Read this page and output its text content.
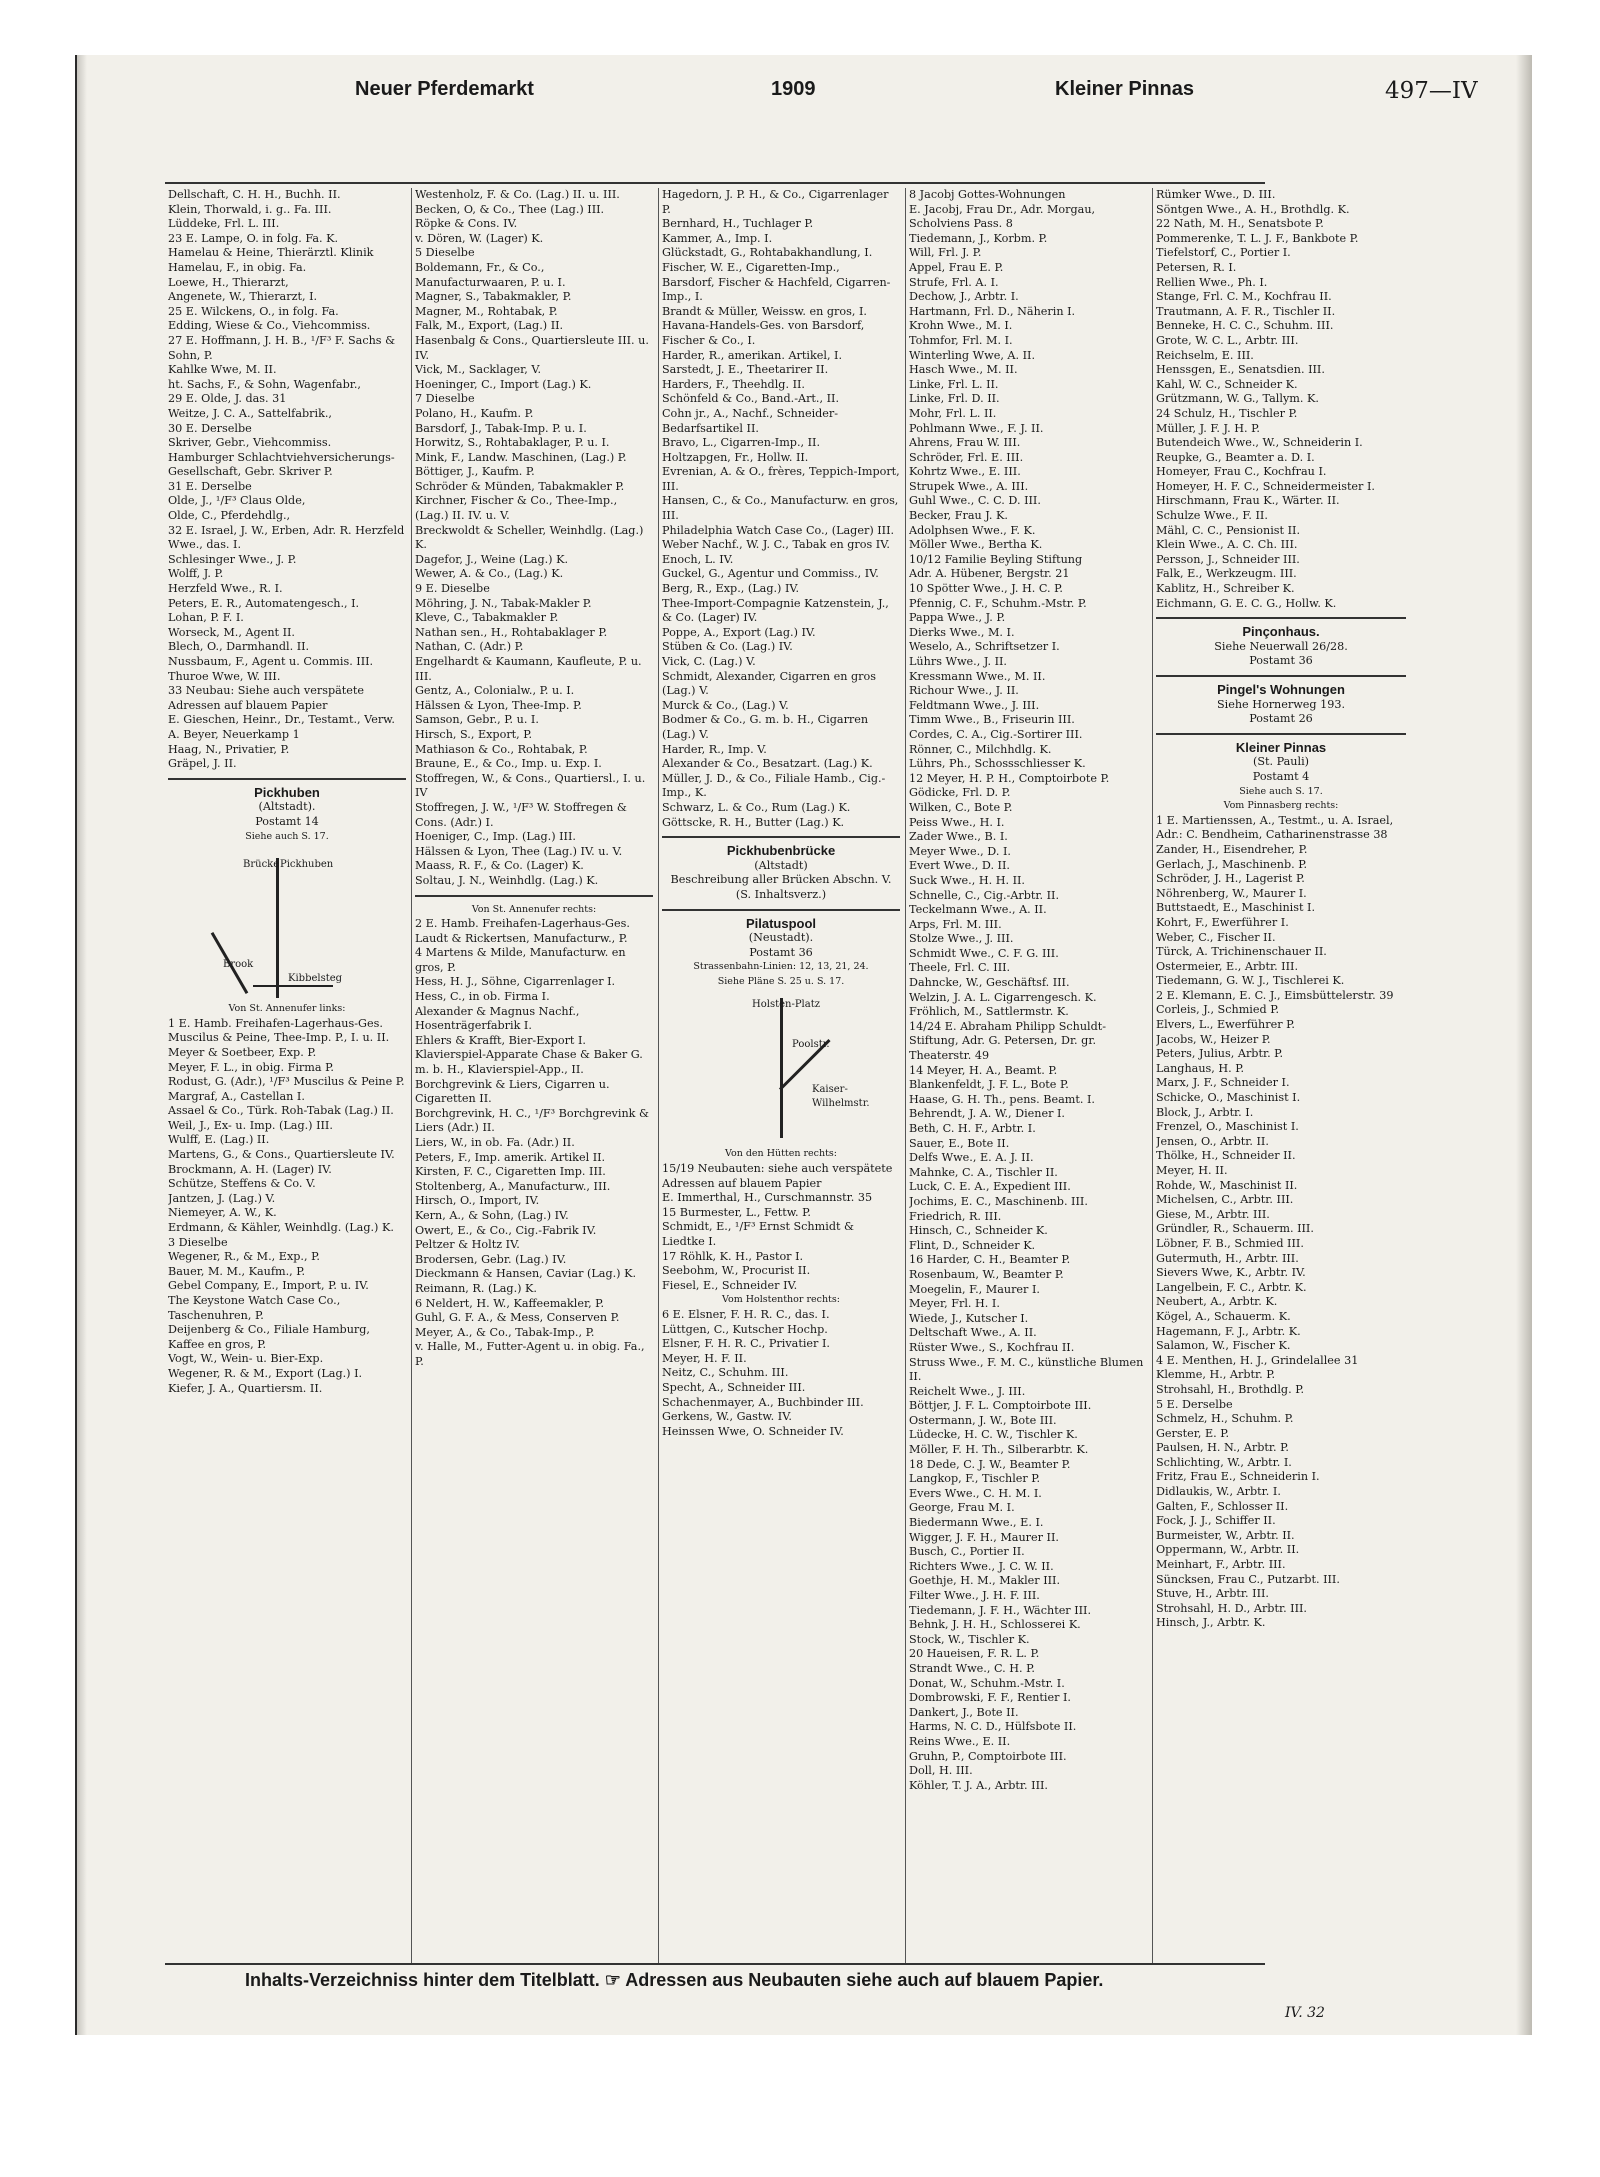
Neuer Pferdemarkt	1909	Kleiner Pinnas	497—IV

Dellschaft, C. H. H., Buchh. II.

Klein, Thorwald, i. g.. Fa. III.

Lüddeke, Frl. L. III.

23 E. Lampe, O. in folg. Fa. K.

Hamelau & Heine, Thierärztl. Klinik

Hamelau, F., in obig. Fa.

Loewe, H., Thierarzt,

Angenete, W., Thierarzt, I.

25 E. Wilckens, O., in folg. Fa.

Edding, Wiese & Co., Viehcommiss.

27 E. Hoffmann, J. H. B., ¹/F³ F. Sachs & Sohn, P.

Kahlke Wwe, M. II.

ht. Sachs, F., & Sohn, Wagenfabr.,

29 E. Olde, J. das. 31

Weitze, J. C. A., Sattelfabrik.,

30 E. Derselbe

Skriver, Gebr., Viehcommiss.

Hamburger Schlachtviehversicherungs-Gesellschaft, Gebr. Skriver P.

31 E. Derselbe

Olde, J., ¹/F³ Claus Olde,

Olde, C., Pferdehdlg.,

32 E. Israel, J. W., Erben, Adr. R. Herzfeld Wwe., das. I.

Schlesinger Wwe., J. P.

Wolff, J. P.

Herzfeld Wwe., R. I.

Peters, E. R., Automatengesch., I.

Lohan, P. F. I.

Worseck, M., Agent II.

Blech, O., Darmhandl. II.

Nussbaum, F., Agent u. Commis. III.

Thuroe Wwe, W. III.

33 Neubau: Siehe auch verspätete Adressen auf blauem Papier

E. Gieschen, Heinr., Dr., Testamt., Verw. A. Beyer, Neuerkamp 1

Haag, N., Privatier, P.

Gräpel, J. II.

Pickhuben

(Altstadt).

Postamt 14

Siehe auch S. 17.

Pickhuben
Brücke
Brook
Kibbelsteg

Von St. Annenufer links:

1 E. Hamb. Freihafen-Lagerhaus-Ges.

Muscilus & Peine, Thee-Imp. P., I. u. II.

Meyer & Soetbeer, Exp. P.

Meyer, F. L., in obig. Firma P.

Rodust, G. (Adr.), ¹/F³ Muscilus & Peine P.

Margraf, A., Castellan I.

Assael & Co., Türk. Roh-Tabak (Lag.) II.

Weil, J., Ex- u. Imp. (Lag.) III.

Wulff, E. (Lag.) II.

Martens, G., & Cons., Quartiersleute IV.

Brockmann, A. H. (Lager) IV.

Schütze, Steffens & Co. V.

Jantzen, J. (Lag.) V.

Niemeyer, A. W., K.

Erdmann, & Kähler, Weinhdlg. (Lag.) K.

3 Dieselbe

Wegener, R., & M., Exp., P.

Bauer, M. M., Kaufm., P.

Gebel Company, E., Import, P. u. IV.

The Keystone Watch Case Co., Taschenuhren, P.

Deijenberg & Co., Filiale Hamburg, Kaffee en gros, P.

Vogt, W., Wein- u. Bier-Exp.

Wegener, R. & M., Export (Lag.) I.

Kiefer, J. A., Quartiersm. II.

Westenholz, F. & Co. (Lag.) II. u. III.

Becken, O, & Co., Thee (Lag.) III.

Röpke & Cons. IV.

v. Dören, W. (Lager) K.

5 Dieselbe

Boldemann, Fr., & Co., Manufacturwaaren, P. u. I.

Magner, S., Tabakmakler, P.

Magner, M., Rohtabak, P.

Falk, M., Export, (Lag.) II.

Hasenbalg & Cons., Quartiersleute III. u. IV.

Vick, M., Sacklager, V.

Hoeninger, C., Import (Lag.) K.

7 Dieselbe

Polano, H., Kaufm. P.

Barsdorf, J., Tabak-Imp. P. u. I.

Horwitz, S., Rohtabaklager, P. u. I.

Mink, F., Landw. Maschinen, (Lag.) P.

Böttiger, J., Kaufm. P.

Schröder & Münden, Tabakmakler P.

Kirchner, Fischer & Co., Thee-Imp., (Lag.) II. IV. u. V.

Breckwoldt & Scheller, Weinhdlg. (Lag.) K.

Dagefor, J., Weine (Lag.) K.

Wewer, A. & Co., (Lag.) K.

9 E. Dieselbe

Möhring, J. N., Tabak-Makler P.

Kleve, C., Tabakmakler P.

Nathan sen., H., Rohtabaklager P.

Nathan, C. (Adr.) P.

Engelhardt & Kaumann, Kaufleute, P. u. III.

Gentz, A., Colonialw., P. u. I.

Hälssen & Lyon, Thee-Imp. P.

Samson, Gebr., P. u. I.

Hirsch, S., Export, P.

Mathiason & Co., Rohtabak, P.

Braune, E., & Co., Imp. u. Exp. I.

Stoffregen, W., & Cons., Quartiersl., I. u. IV

Stoffregen, J. W., ¹/F³ W. Stoffregen & Cons. (Adr.) I.

Hoeniger, C., Imp. (Lag.) III.

Hälssen & Lyon, Thee (Lag.) IV. u. V.

Maass, R. F., & Co. (Lager) K.

Soltau, J. N., Weinhdlg. (Lag.) K.

Von St. Annenufer rechts:

2 E. Hamb. Freihafen-Lagerhaus-Ges.

Laudt & Rickertsen, Manufacturw., P.

4 Martens & Milde, Manufacturw. en gros, P.

Hess, H. J., Söhne, Cigarrenlager I.

Hess, C., in ob. Firma I.

Alexander & Magnus Nachf., Hosenträgerfabrik I.

Ehlers & Krafft, Bier-Export I.

Klavierspiel-Apparate Chase & Baker G. m. b. H., Klavierspiel-App., II.

Borchgrevink & Liers, Cigarren u. Cigaretten II.

Borchgrevink, H. C., ¹/F³ Borchgrevink & Liers (Adr.) II.

Liers, W., in ob. Fa. (Adr.) II.

Peters, F., Imp. amerik. Artikel II.

Kirsten, F. C., Cigaretten Imp. III.

Stoltenberg, A., Manufacturw., III.

Hirsch, O., Import, IV.

Kern, A., & Sohn, (Lag.) IV.

Owert, E., & Co., Cig.-Fabrik IV.

Peltzer & Holtz IV.

Brodersen, Gebr. (Lag.) IV.

Dieckmann & Hansen, Caviar (Lag.) K.

Reimann, R. (Lag.) K.

6 Neldert, H. W., Kaffeemakler, P.

Guhl, G. F. A., & Mess, Conserven P.

Meyer, A., & Co., Tabak-Imp., P.

v. Halle, M., Futter-Agent u. in obig. Fa., P.

Hagedorn, J. P. H., & Co., Cigarrenlager P.

Bernhard, H., Tuchlager P.

Kammer, A., Imp. I.

Glückstadt, G., Rohtabakhandlung, I.

Fischer, W. E., Cigaretten-Imp.,

Barsdorf, Fischer & Hachfeld, Cigarren-Imp., I.

Brandt & Müller, Weissw. en gros, I.

Havana-Handels-Ges. von Barsdorf, Fischer & Co., I.

Harder, R., amerikan. Artikel, I.

Sarstedt, J. E., Theetarirer II.

Harders, F., Theehdlg. II.

Schönfeld & Co., Band.-Art., II.

Cohn jr., A., Nachf., Schneider-Bedarfsartikel II.

Bravo, L., Cigarren-Imp., II.

Holtzapgen, Fr., Hollw. II.

Evrenian, A. & O., frères, Teppich-Import, III.

Hansen, C., & Co., Manufacturw. en gros, III.

Philadelphia Watch Case Co., (Lager) III.

Weber Nachf., W. J. C., Tabak en gros IV.

Enoch, L. IV.

Guckel, G., Agentur und Commiss., IV.

Berg, R., Exp., (Lag.) IV.

Thee-Import-Compagnie Katzenstein, J., & Co. (Lager) IV.

Poppe, A., Export (Lag.) IV.

Stüben & Co. (Lag.) IV.

Vick, C. (Lag.) V.

Schmidt, Alexander, Cigarren en gros (Lag.) V.

Murck & Co., (Lag.) V.

Bodmer & Co., G. m. b. H., Cigarren (Lag.) V.

Harder, R., Imp. V.

Alexander & Co., Besatzart. (Lag.) K.

Müller, J. D., & Co., Filiale Hamb., Cig.-Imp., K.

Schwarz, L. & Co., Rum (Lag.) K.

Göttscke, R. H., Butter (Lag.) K.

Pickhubenbrücke

(Altstadt)

Beschreibung aller Brücken Abschn. V. (S. Inhaltsverz.)

Pilatuspool

(Neustadt).

Postamt 36

Strassenbahn-Linien: 12, 13, 21, 24.

Siehe Pläne S. 25 u. S. 17.

Holsten-Platz
Poolstr.
Kaiser-
Wilhelmstr.

Von den Hütten rechts:

15/19 Neubauten: siehe auch verspätete Adressen auf blauem Papier

E. Immerthal, H., Curschmannstr. 35

15 Burmester, L., Fettw. P.

Schmidt, E., ¹/F³ Ernst Schmidt & Liedtke I.

17 Röhlk, K. H., Pastor I.

Seebohm, W., Procurist II.

Fiesel, E., Schneider IV.

Vom Holstenthor rechts:

6 E. Elsner, F. H. R. C., das. I.

Lüttgen, C., Kutscher Hochp.

Elsner, F. H. R. C., Privatier I.

Meyer, H. F. II.

Neitz, C., Schuhm. III.

Specht, A., Schneider III.

Schachenmayer, A., Buchbinder III.

Gerkens, W., Gastw. IV.

Heinssen Wwe, O. Schneider IV.

8 Jacobj Gottes-Wohnungen

E. Jacobj, Frau Dr., Adr. Morgau, Scholviens Pass. 8

Tiedemann, J., Korbm. P.

Will, Frl. J. P.

Appel, Frau E. P.

Strufe, Frl. A. I.

Dechow, J., Arbtr. I.

Hartmann, Frl. D., Näherin I.

Krohn Wwe., M. I.

Tohmfor, Frl. M. I.

Winterling Wwe, A. II.

Hasch Wwe., M. II.

Linke, Frl. L. II.

Linke, Frl. D. II.

Mohr, Frl. L. II.

Pohlmann Wwe., F. J. II.

Ahrens, Frau W. III.

Schröder, Frl. E. III.

Kohrtz Wwe., E. III.

Strupek Wwe., A. III.

Guhl Wwe., C. C. D. III.

Becker, Frau J. K.

Adolphsen Wwe., F. K.

Möller Wwe., Bertha K.

10/12 Familie Beyling Stiftung

Adr. A. Hübener, Bergstr. 21

10 Spötter Wwe., J. H. C. P.

Pfennig, C. F., Schuhm.-Mstr. P.

Pappa Wwe., J. P.

Dierks Wwe., M. I.

Weselo, A., Schriftsetzer I.

Lührs Wwe., J. II.

Kressmann Wwe., M. II.

Richour Wwe., J. II.

Feldtmann Wwe., J. III.

Timm Wwe., B., Friseurin III.

Cordes, C. A., Cig.-Sortirer III.

Rönner, C., Milchhdlg. K.

Lührs, Ph., Schossschliesser K.

12 Meyer, H. P. H., Comptoirbote P.

Gödicke, Frl. D. P.

Wilken, C., Bote P.

Peiss Wwe., H. I.

Zader Wwe., B. I.

Meyer Wwe., D. I.

Evert Wwe., D. II.

Suck Wwe., H. H. II.

Schnelle, C., Cig.-Arbtr. II.

Teckelmann Wwe., A. II.

Arps, Frl. M. III.

Stolze Wwe., J. III.

Schmidt Wwe., C. F. G. III.

Theele, Frl. C. III.

Dahncke, W., Geschäftsf. III.

Welzin, J. A. L. Cigarrengesch. K.

Fröhlich, M., Sattlermstr. K.

14/24 E. Abraham Philipp Schuldt-Stiftung, Adr. G. Petersen, Dr. gr. Theaterstr. 49

14 Meyer, H. A., Beamt. P.

Blankenfeldt, J. F. L., Bote P.

Haase, G. H. Th., pens. Beamt. I.

Behrendt, J. A. W., Diener I.

Beth, C. H. F., Arbtr. I.

Sauer, E., Bote II.

Delfs Wwe., E. A. J. II.

Mahnke, C. A., Tischler II.

Luck, C. E. A., Expedient III.

Jochims, E. C., Maschinenb. III.

Friedrich, R. III.

Hinsch, C., Schneider K.

Flint, D., Schneider K.

16 Harder, C. H., Beamter P.

Rosenbaum, W., Beamter P.

Moegelin, F., Maurer I.

Meyer, Frl. H. I.

Wiede, J., Kutscher I.

Deltschaft Wwe., A. II.

Rüster Wwe., S., Kochfrau II.

Struss Wwe., F. M. C., künstliche Blumen II.

Reichelt Wwe., J. III.

Böttjer, J. F. L. Comptoirbote III.

Ostermann, J. W., Bote III.

Lüdecke, H. C. W., Tischler K.

Möller, F. H. Th., Silberarbtr. K.

18 Dede, C. J. W., Beamter P.

Langkop, F., Tischler P.

Evers Wwe., C. H. M. I.

George, Frau M. I.

Biedermann Wwe., E. I.

Wigger, J. F. H., Maurer II.

Busch, C., Portier II.

Richters Wwe., J. C. W. II.

Goethje, H. M., Makler III.

Filter Wwe., J. H. F. III.

Tiedemann, J. F. H., Wächter III.

Behnk, J. H. H., Schlosserei K.

Stock, W., Tischler K.

20 Haueisen, F. R. L. P.

Strandt Wwe., C. H. P.

Donat, W., Schuhm.-Mstr. I.

Dombrowski, F. F., Rentier I.

Dankert, J., Bote II.

Harms, N. C. D., Hülfsbote II.

Reins Wwe., E. II.

Gruhn, P., Comptoirbote III.

Doll, H. III.

Köhler, T. J. A., Arbtr. III.

Rümker Wwe., D. III.

Söntgen Wwe., A. H., Brothdlg. K.

22 Nath, M. H., Senatsbote P.

Pommerenke, T. L. J. F., Bankbote P.

Tiefelstorf, C., Portier I.

Petersen, R. I.

Rellien Wwe., Ph. I.

Stange, Frl. C. M., Kochfrau II.

Trautmann, A. F. R., Tischler II.

Benneke, H. C. C., Schuhm. III.

Grote, W. C. L., Arbtr. III.

Reichselm, E. III.

Henssgen, E., Senatsdien. III.

Kahl, W. C., Schneider K.

Grützmann, W. G., Tallym. K.

24 Schulz, H., Tischler P.

Müller, J. F. J. H. P.

Butendeich Wwe., W., Schneiderin I.

Reupke, G., Beamter a. D. I.

Homeyer, Frau C., Kochfrau I.

Homeyer, H. F. C., Schneidermeister I.

Hirschmann, Frau K., Wärter. II.

Schulze Wwe., F. II.

Mähl, C. C., Pensionist II.

Klein Wwe., A. C. Ch. III.

Persson, J., Schneider III.

Falk, E., Werkzeugm. III.

Kablitz, H., Schreiber K.

Eichmann, G. E. C. G., Hollw. K.

Pinçonhaus.

Siehe Neuerwall 26/28.

Postamt 36

Pingel's Wohnungen

Siehe Hornerweg 193.

Postamt 26

Kleiner Pinnas

(St. Pauli)

Postamt 4

Siehe auch S. 17.

Vom Pinnasberg rechts:

1 E. Martienssen, A., Testmt., u. A. Israel, Adr.: C. Bendheim, Catharinenstrasse 38

Zander, H., Eisendreher, P.

Gerlach, J., Maschinenb. P.

Schröder, J. H., Lagerist P.

Nöhrenberg, W., Maurer I.

Buttstaedt, E., Maschinist I.

Kohrt, F., Ewerführer I.

Weber, C., Fischer II.

Türck, A. Trichinenschauer II.

Ostermeier, E., Arbtr. III.

Tiedemann, G. W. J., Tischlerei K.

2 E. Klemann, E. C. J., Eimsbüttelerstr. 39

Corleis, J., Schmied P.

Elvers, L., Ewerführer P.

Jacobs, W., Heizer P.

Peters, Julius, Arbtr. P.

Langhaus, H. P.

Marx, J. F., Schneider I.

Schicke, O., Maschinist I.

Block, J., Arbtr. I.

Frenzel, O., Maschinist I.

Jensen, O., Arbtr. II.

Thölke, H., Schneider II.

Meyer, H. II.

Rohde, W., Maschinist II.

Michelsen, C., Arbtr. III.

Giese, M., Arbtr. III.

Gründler, R., Schauerm. III.

Löbner, F. B., Schmied III.

Gutermuth, H., Arbtr. III.

Sievers Wwe, K., Arbtr. IV.

Langelbein, F. C., Arbtr. K.

Neubert, A., Arbtr. K.

Kögel, A., Schauerm. K.

Hagemann, F. J., Arbtr. K.

Salamon, W., Fischer K.

4 E. Menthen, H. J., Grindelallee 31

Klemme, H., Arbtr. P.

Strohsahl, H., Brothdlg. P.

5 E. Derselbe

Schmelz, H., Schuhm. P.

Gerster, E. P.

Paulsen, H. N., Arbtr. P.

Schlichting, W., Arbtr. I.

Fritz, Frau E., Schneiderin I.

Didlaukis, W., Arbtr. I.

Galten, F., Schlosser II.

Fock, J. J., Schiffer II.

Burmeister, W., Arbtr. II.

Oppermann, W., Arbtr. II.

Meinhart, F., Arbtr. III.

Süncksen, Frau C., Putzarbt. III.

Stuve, H., Arbtr. III.

Strohsahl, H. D., Arbtr. III.

Hinsch, J., Arbtr. K.

Inhalts-Verzeichniss hinter dem Titelblatt. ☞ Adressen aus Neubauten siehe auch auf blauem Papier.
IV. 32
